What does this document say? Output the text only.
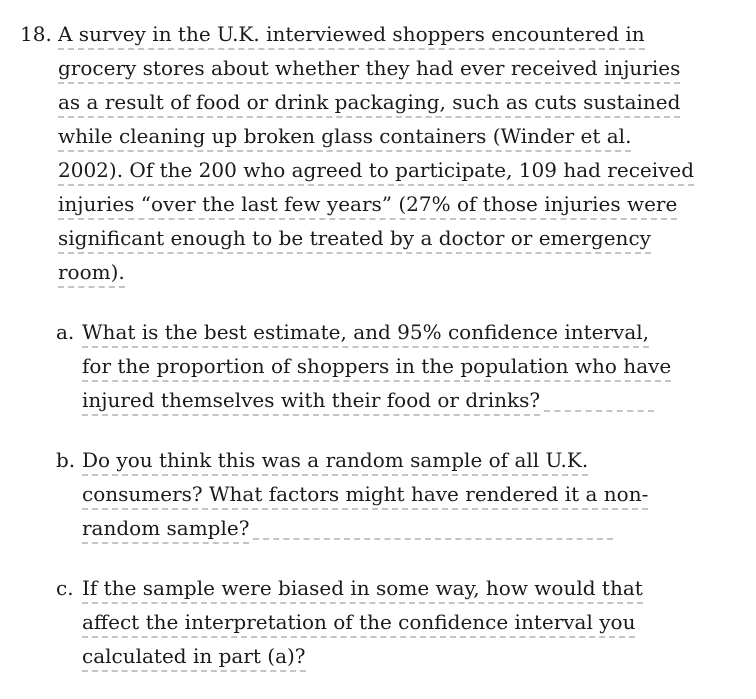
18. A survey in the U.K. interviewed shoppers encountered in
grocery stores about whether they had ever received injuries
as a result of food or drink packaging, such as cuts sustained
while cleaning up broken glass containers (Winder et al.
2002). Of the 200 who agreed to participate, 109 had received
injuries “over the last few years” (27% of those injuries were
significant enough to be treated by a doctor or emergency
room).
a. What is the best estimate, and 95% confidence interval,
for the proportion of shoppers in the population who have
injured themselves with their food or drinks?
b. Do you think this was a random sample of all U.K.
consumers? What factors might have rendered it a non-
random sample?
c. If the sample were biased in some way, how would that
affect the interpretation of the confidence interval you
calculated in part (a)?
